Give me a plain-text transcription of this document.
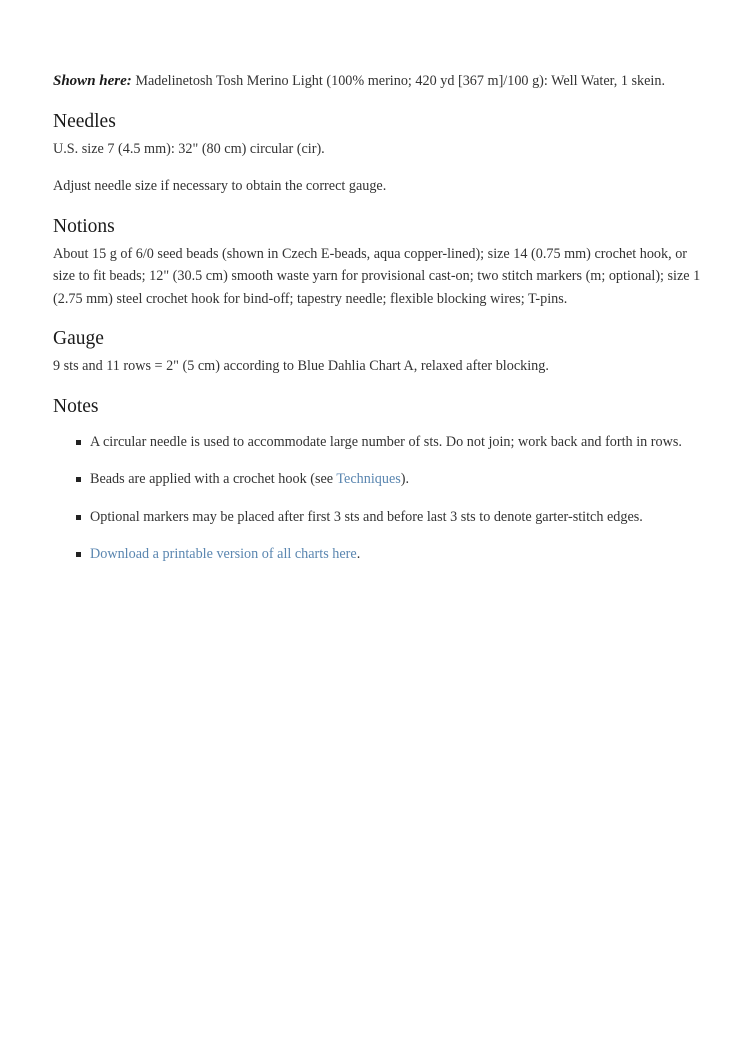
Shown here: Madelinetosh Tosh Merino Light (100% merino; 420 yd [367 m]/100 g): Well Water, 1 skein.

Needles

U.S. size 7 (4.5 mm): 32" (80 cm) circular (cir).

Adjust needle size if necessary to obtain the correct gauge.

Notions

About 15 g of 6/0 seed beads (shown in Czech E-beads, aqua copper-lined); size 14 (0.75 mm) crochet hook, or size to fit beads; 12" (30.5 cm) smooth waste yarn for provisional cast-on; two stitch markers (m; optional); size 1 (2.75 mm) steel crochet hook for bind-off; tapestry needle; flexible blocking wires; T-pins.

Gauge

9 sts and 11 rows = 2" (5 cm) according to Blue Dahlia Chart A, relaxed after blocking.

Notes
A circular needle is used to accommodate large number of sts. Do not join; work back and forth in rows.
Beads are applied with a crochet hook (see Techniques).
Optional markers may be placed after first 3 sts and before last 3 sts to denote garter-stitch edges.
Download a printable version of all charts here.
